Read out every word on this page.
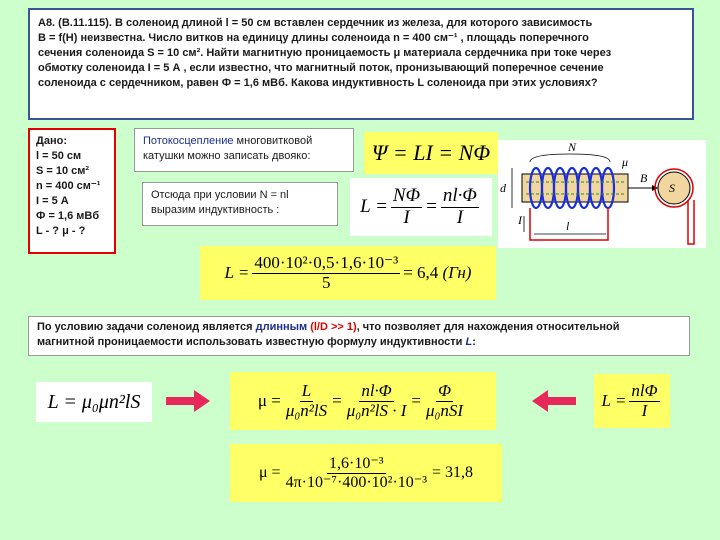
А8. (В.11.115). В соленоид длиной l = 50 см вставлен сердечник из железа, для которого зависимость
B = f(H) неизвестна. Число витков на единицу длины соленоида n = 400 см⁻¹ , площадь поперечного
сечения соленоида S = 10 см². Найти магнитную проницаемость μ материала сердечника при токе через
обмотку соленоида I = 5 А , если известно, что магнитный поток, пронизывающий поперечное сечение
соленоида с сердечником, равен Ф = 1,6 мВб. Какова индуктивность L соленоида при этих условиях?
Дано:
l = 50 см
S = 10 см²
n = 400 см⁻¹
I = 5 А
Ф = 1,6 мВб
L - ? μ - ?
Потокосцепление многовитковой
катушки можно записать двояко:	Ψ = LI = NΦ
Отсюда при условии N = nl
выразим индуктивность :	$L = \frac{N\Phi}{I} = \frac{nl\cdot\Phi}{I}$
N
μ
d
B
I	l
S
$L = \frac{\text{400·10²·0,5·1,6·10⁻³}}{5} = 6,4$
(Гн)
По условию задачи соленоид является длинным (l/D >> 1), что позволяет для нахождения относительной
магнитной проницаемости использовать известную формулу индуктивности L:
L = μ₀μn²lS	$\mu = \frac{L}{\text{μ₀n²lS}} = \frac{nl\cdot\Phi}{\text{μ₀n²lS · I}}$ =
Φ
μ₀nSI	L =
nlΦ
I
$\mu = \frac{\text{1,6·10⁻³}}{\text{4π·10⁻⁷·400·10²·10⁻³}} = 31,8$
